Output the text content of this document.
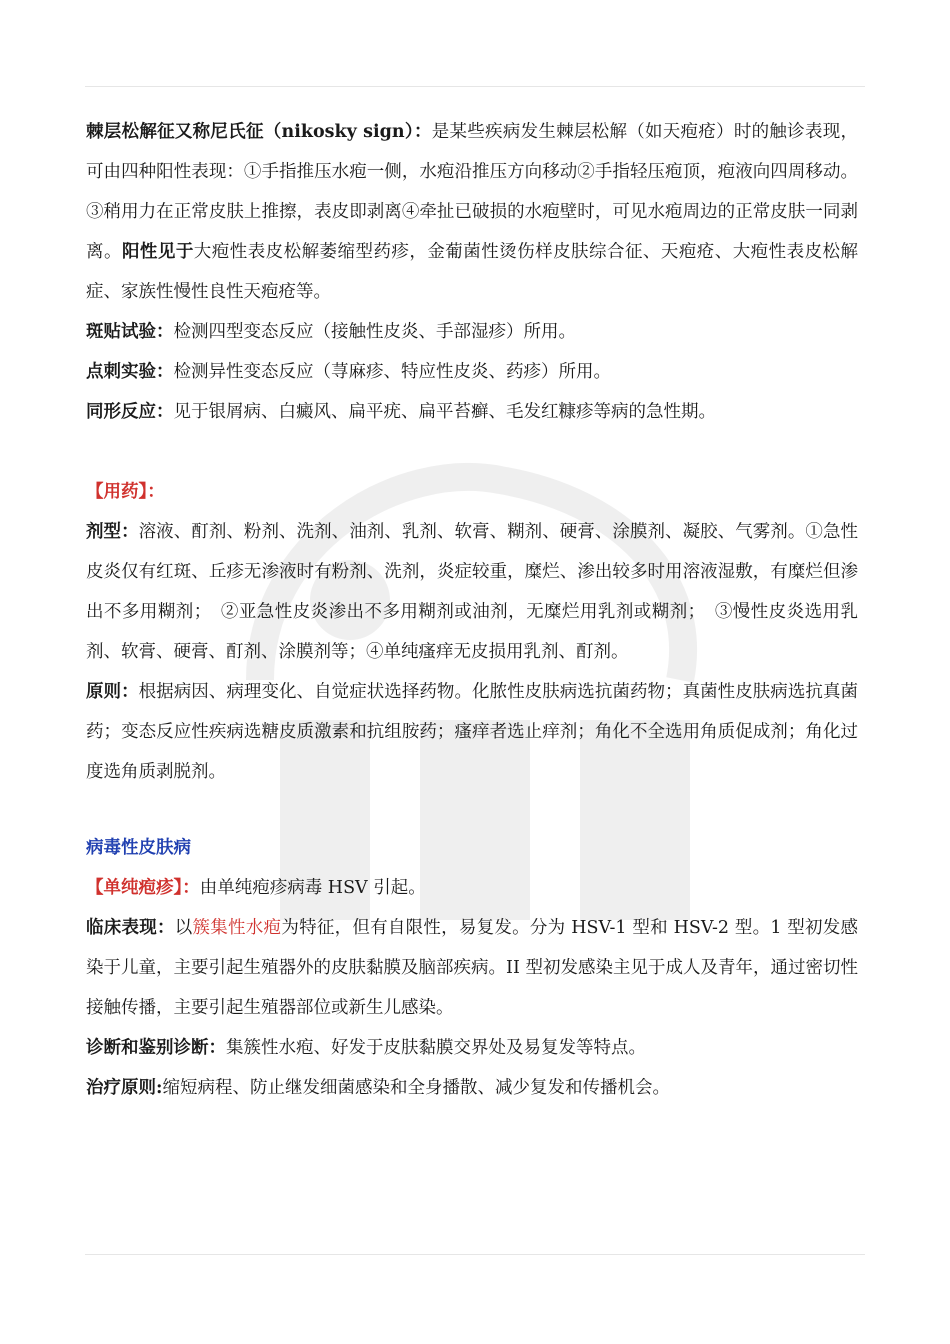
棘层松解征又称尼氏征（nikosky sign）：是某些疾病发生棘层松解（如天疱疮）时的触诊表现，可由四种阳性表现：①手指推压水疱一侧，水疱沿推压方向移动②手指轻压疱顶，疱液向四周移动。③稍用力在正常皮肤上推擦，表皮即剥离④牵扯已破损的水疱壁时，可见水疱周边的正常皮肤一同剥离。阳性见于大疱性表皮松解萎缩型药疹，金葡菌性烫伤样皮肤综合征、天疱疮、大疱性表皮松解症、家族性慢性良性天疱疮等。

斑贴试验：检测四型变态反应（接触性皮炎、手部湿疹）所用。

点刺实验：检测异性变态反应（荨麻疹、特应性皮炎、药疹）所用。

同形反应：见于银屑病、白癜风、扁平疣、扁平苔癣、毛发红糠疹等病的急性期。

【用药】：

剂型：溶液、酊剂、粉剂、洗剂、油剂、乳剂、软膏、糊剂、硬膏、涂膜剂、凝胶、气雾剂。①急性皮炎仅有红斑、丘疹无渗液时有粉剂、洗剂，炎症较重，糜烂、渗出较多时用溶液湿敷，有糜烂但渗出不多用糊剂；　②亚急性皮炎渗出不多用糊剂或油剂，无糜烂用乳剂或糊剂；　③慢性皮炎选用乳剂、软膏、硬膏、酊剂、涂膜剂等；④单纯瘙痒无皮损用乳剂、酊剂。

原则：根据病因、病理变化、自觉症状选择药物。化脓性皮肤病选抗菌药物；真菌性皮肤病选抗真菌药；变态反应性疾病选糖皮质激素和抗组胺药；瘙痒者选止痒剂；角化不全选用角质促成剂；角化过度选角质剥脱剂。

病毒性皮肤病

【单纯疱疹】：由单纯疱疹病毒 HSV 引起。

临床表现：以簇集性水疱为特征，但有自限性，易复发。分为 HSV-1 型和 HSV-2 型。1 型初发感染于儿童，主要引起生殖器外的皮肤黏膜及脑部疾病。II 型初发感染主见于成人及青年，通过密切性接触传播，主要引起生殖器部位或新生儿感染。

诊断和鉴别诊断：集簇性水疱、好发于皮肤黏膜交界处及易复发等特点。

治疗原则:缩短病程、防止继发细菌感染和全身播散、减少复发和传播机会。
